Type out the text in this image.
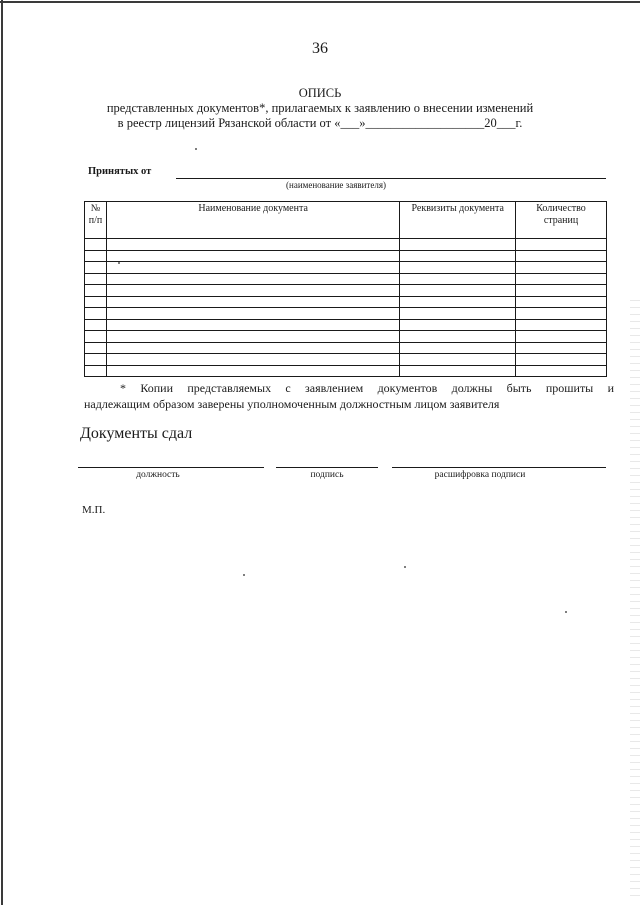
36
ОПИСЬ
представленных документов*, прилагаемых к заявлению о внесении изменений
в реестр лицензий Рязанской области от «___»___________________20___г.
Принятых от
(наименование заявителя)
№ п/п	Наименование документа	Реквизиты документа	Количество страниц

* Копии представляемых с заявлением документов должны быть прошиты и
надлежащим образом заверены уполномоченным должностным лицом заявителя
Документы сдал
должность	подпись	расшифровка подписи
М.П.
